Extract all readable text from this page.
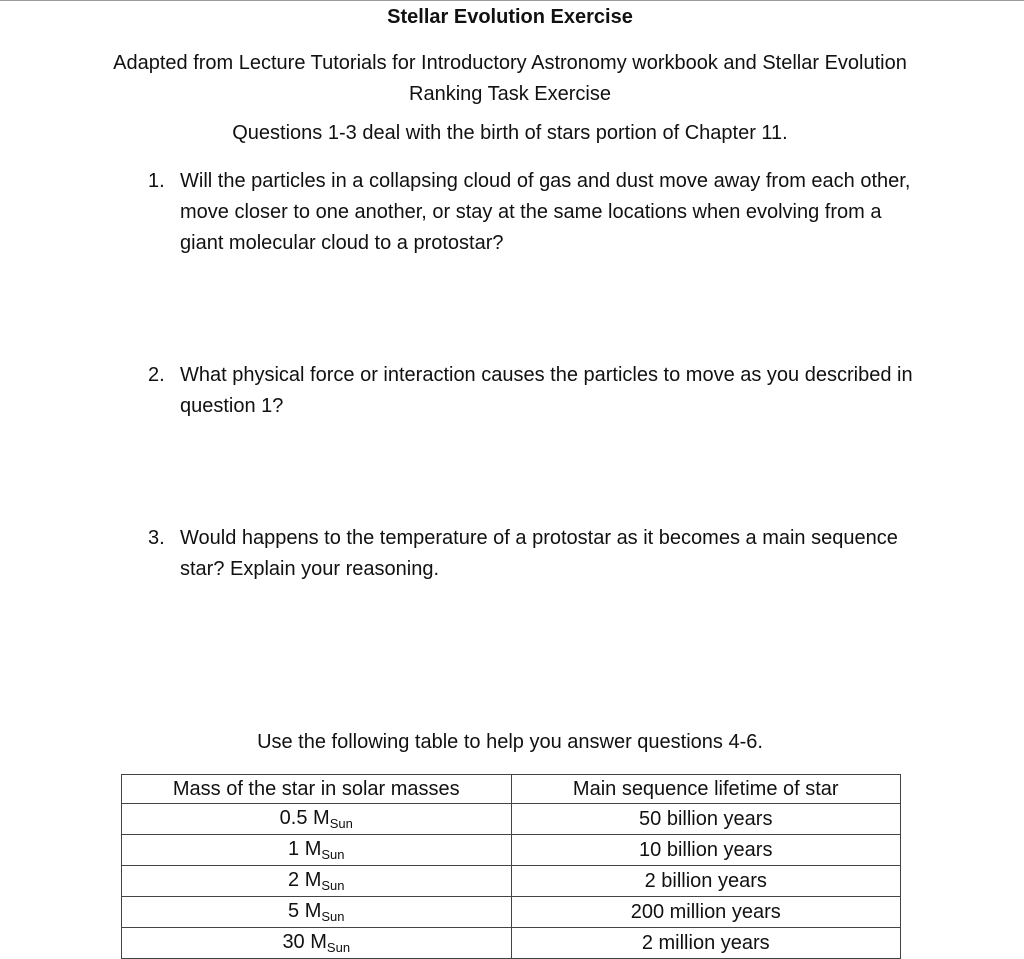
Stellar Evolution Exercise
Adapted from Lecture Tutorials for Introductory Astronomy workbook and Stellar Evolution Ranking Task Exercise
Questions 1-3 deal with the birth of stars portion of Chapter 11.
1. Will the particles in a collapsing cloud of gas and dust move away from each other, move closer to one another, or stay at the same locations when evolving from a giant molecular cloud to a protostar?
2. What physical force or interaction causes the particles to move as you described in question 1?
3. Would happens to the temperature of a protostar as it becomes a main sequence star? Explain your reasoning.
Use the following table to help you answer questions 4-6.
Mass of the star in solar masses	Main sequence lifetime of star
0.5 $M_{Sun}$	50 billion years
1 $M_{Sun}$	10 billion years
2 $M_{Sun}$	2 billion years
5 $M_{Sun}$	200 million years
30 $M_{Sun}$	2 million years
